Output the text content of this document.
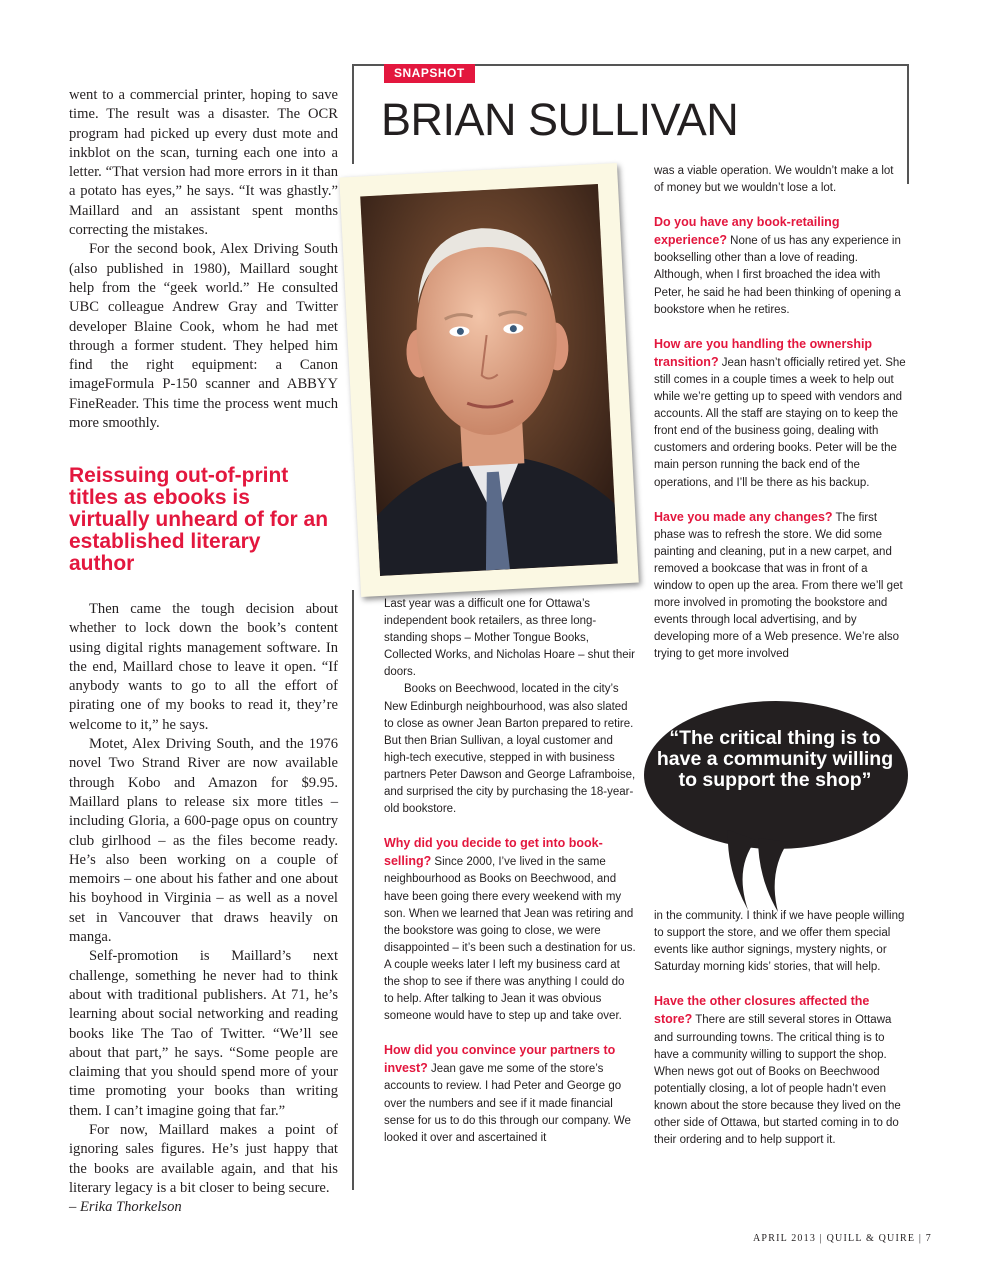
went to a commercial printer, hoping to save time. The result was a disaster. The OCR program had picked up every dust mote and inkblot on the scan, turning each one into a letter. “That version had more errors in it than a potato has eyes,” he says. “It was ghastly.” Maillard and an assistant spent months correcting the mistakes.

For the second book, Alex Driving South (also published in 1980), Maillard sought help from the “geek world.” He consulted UBC colleague Andrew Gray and Twitter developer Blaine Cook, whom he had met through a former student. They helped him find the right equipment: a Canon imageFormula P-150 scanner and ABBYY FineReader. This time the process went much more smoothly.

Reissuing out-of-print titles as ebooks is virtually unheard of for an established literary author

Then came the tough decision about whether to lock down the book’s content using digital rights management software. In the end, Maillard chose to leave it open. “If anybody wants to go to all the effort of pirating one of my books to read it, they’re welcome to it,” he says.

Motet, Alex Driving South, and the 1976 novel Two Strand River are now available through Kobo and Amazon for $9.95. Maillard plans to release six more titles – including Gloria, a 600-page opus on country club girlhood – as the files become ready. He’s also been working on a couple of memoirs – one about his father and one about his boyhood in Virginia – as well as a novel set in Vancouver that draws heavily on manga.

Self-promotion is Maillard’s next challenge, something he never had to think about with traditional publishers. At 71, he’s learning about social networking and reading books like The Tao of Twitter. “We’ll see about that part,” he says. “Some people are claiming that you should spend more of your time promoting your books than writing them. I can’t imagine going that far.”

For now, Maillard makes a point of ignoring sales figures. He’s just happy that the books are available again, and that his literary legacy is a bit closer to being secure.

– Erika Thorkelson

SNAPSHOT
BRIAN SULLIVAN

Last year was a difficult one for Ottawa’s independent book retailers, as three long-standing shops – Mother Tongue Books, Collected Works, and Nicholas Hoare – shut their doors.

Books on Beechwood, located in the city’s New Edinburgh neighbourhood, was also slated to close as owner Jean Barton prepared to retire. But then Brian Sullivan, a loyal customer and high-tech executive, stepped in with business partners Peter Dawson and George Laframboise, and surprised the city by purchasing the 18-year-old bookstore.

Why did you decide to get into book-selling? Since 2000, I’ve lived in the same neighbourhood as Books on Beechwood, and have been going there every weekend with my son. When we learned that Jean was retiring and the bookstore was going to close, we were disappointed – it’s been such a destination for us. A couple weeks later I left my business card at the shop to see if there was anything I could do to help. After talking to Jean it was obvious someone would have to step up and take over.

How did you convince your partners to invest? Jean gave me some of the store’s accounts to review. I had Peter and George go over the numbers and see if it made financial sense for us to do this through our company. We looked it over and ascertained it

was a viable operation. We wouldn’t make a lot of money but we wouldn’t lose a lot.

Do you have any book-retailing experience? None of us has any experience in bookselling other than a love of reading. Although, when I first broached the idea with Peter, he said he had been thinking of opening a bookstore when he retires.

How are you handling the ownership transition? Jean hasn’t officially retired yet. She still comes in a couple times a week to help out while we’re getting up to speed with vendors and accounts. All the staff are staying on to keep the front end of the business going, dealing with customers and ordering books. Peter will be the main person running the back end of the operations, and I’ll be there as his backup.

Have you made any changes? The first phase was to refresh the store. We did some painting and cleaning, put in a new carpet, and removed a bookcase that was in front of a window to open up the area. From there we’ll get more involved in promoting the bookstore and events through local advertising, and by developing more of a Web presence. We’re also trying to get more involved

“The critical thing is to have a community willing to support the shop”

in the community. I think if we have people willing to support the store, and we offer them special events like author signings, mystery nights, or Saturday morning kids’ stories, that will help.

Have the other closures affected the store? There are still several stores in Ottawa and surrounding towns. The critical thing is to have a community willing to support the shop. When news got out of Books on Beechwood potentially closing, a lot of people hadn’t even known about the store because they lived on the other side of Ottawa, but started coming in to do their ordering and to help support it.

APRIL 2013 | QUILL & QUIRE | 7
